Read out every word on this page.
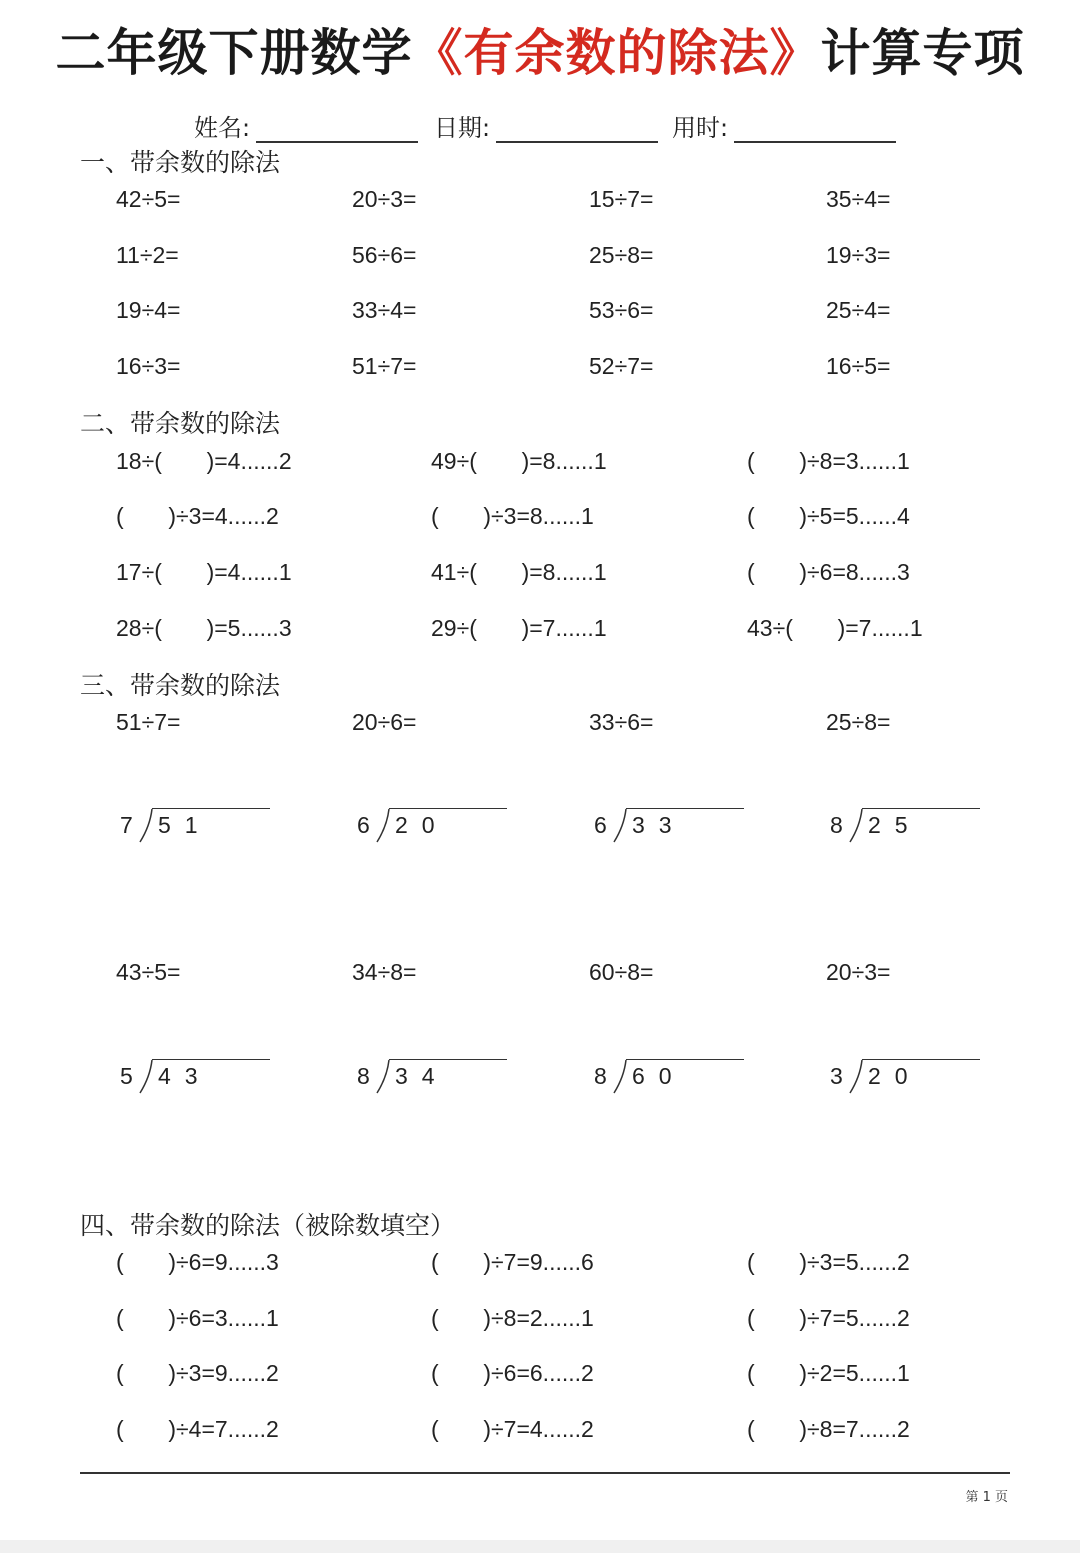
二年级下册数学《有余数的除法》计算专项
姓名:	日期:	用时:
一、带余数的除法
42÷5=	20÷3=	15÷7=	35÷4=
11÷2=	56÷6=	25÷8=	19÷3=
19÷4=	33÷4=	53÷6=	25÷4=
16÷3=	51÷7=	52÷7=	16÷5=
二、带余数的除法
18÷(       )=4......2	49÷(       )=8......1	(       )÷8=3......1
(       )÷3=4......2	(       )÷3=8......1	(       )÷5=5......4
17÷(       )=4......1	41÷(       )=8......1	(       )÷6=8......3
28÷(       )=5......3	29÷(       )=7......1	43÷(       )=7......1
三、带余数的除法
51÷7=	20÷6=	33÷6=	25÷8=
7 51	6 20	6 33	8 25
43÷5=	34÷8=	60÷8=	20÷3=
5 43	8 34	8 60	3 20
四、带余数的除法（被除数填空）
(       )÷6=9......3	(       )÷7=9......6	(       )÷3=5......2
(       )÷6=3......1	(       )÷8=2......1	(       )÷7=5......2
(       )÷3=9......2	(       )÷6=6......2	(       )÷2=5......1
(       )÷4=7......2	(       )÷7=4......2	(       )÷8=7......2
第 1 页
